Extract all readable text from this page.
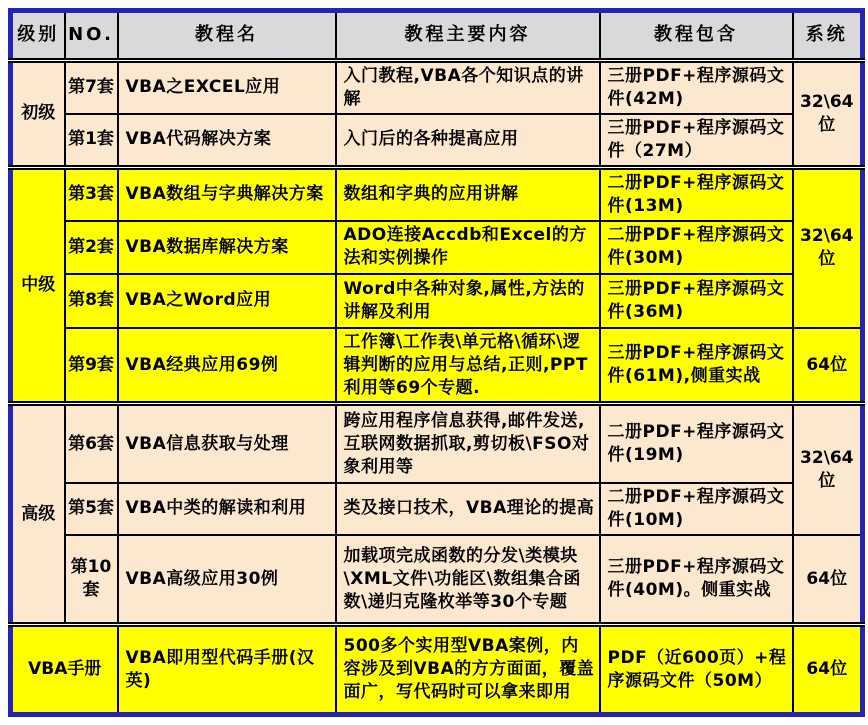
级别	NO.	教程名	教程主要内容	教程包含	系统
初级	第7套	VBA之EXCEL应用	入门教程,VBA各个知识点的讲解	三册PDF+程序源码文件(42M)	32\64位
	第1套	VBA代码解决方案	入门后的各种提高应用	三册PDF+程序源码文件（27M）	
中级	第3套	VBA数组与字典解决方案	数组和字典的应用讲解	二册PDF+程序源码文件(13M)	32\64位
	第2套	VBA数据库解决方案	ADO连接Accdb和Excel的方法和实例操作	二册PDF+程序源码文件(30M)	
	第8套	VBA之Word应用	Word中各种对象,属性,方法的讲解及利用	三册PDF+程序源码文件(36M)	
	第9套	VBA经典应用69例	工作簿\工作表\单元格\循环\逻辑判断的应用与总结,正则,PPT利用等69个专题.	三册PDF+程序源码文件(61M),侧重实战	64位
高级	第6套	VBA信息获取与处理	跨应用程序信息获得,邮件发送,互联网数据抓取,剪切板\FSO对象利用等	二册PDF+程序源码文件(19M)	32\64位
	第5套	VBA中类的解读和利用	类及接口技术，VBA理论的提高	二册PDF+程序源码文件(10M)	
	第10套	VBA高级应用30例	加载项完成函数的分发\类模块\XML文件\功能区\数组集合函数\递归克隆枚举等30个专题	三册PDF+程序源码文件(40M)。侧重实战	64位
VBA手册		VBA即用型代码手册(汉英)	500多个实用型VBA案例，内容涉及到VBA的方方面面，覆盖面广，写代码时可以拿来即用	PDF（近600页）+程序源码文件（50M）	64位
